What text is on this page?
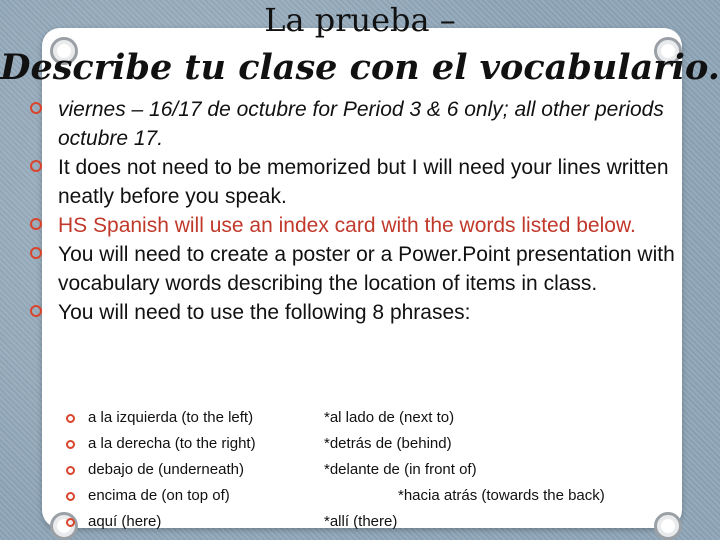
La prueba –
Describe tu clase con el vocabulario.
viernes – 16/17 de octubre for Period 3 & 6 only; all other periods octubre 17.
It does not need to be memorized but I will need your lines written neatly before you speak.
HS Spanish will use an index card with the words listed below.
You will need to create a poster or a Power.Point presentation with vocabulary words describing the location of items in class.
You will need to use the following 8 phrases:
a la izquierda (to the left)	*al lado de (next to)
a la derecha (to the right)	*detrás de (behind)
debajo de (underneath)	*delante de (in front of)
encima de (on top of)	*hacia atrás (towards the back)
aquí (here)	*allí (there)
